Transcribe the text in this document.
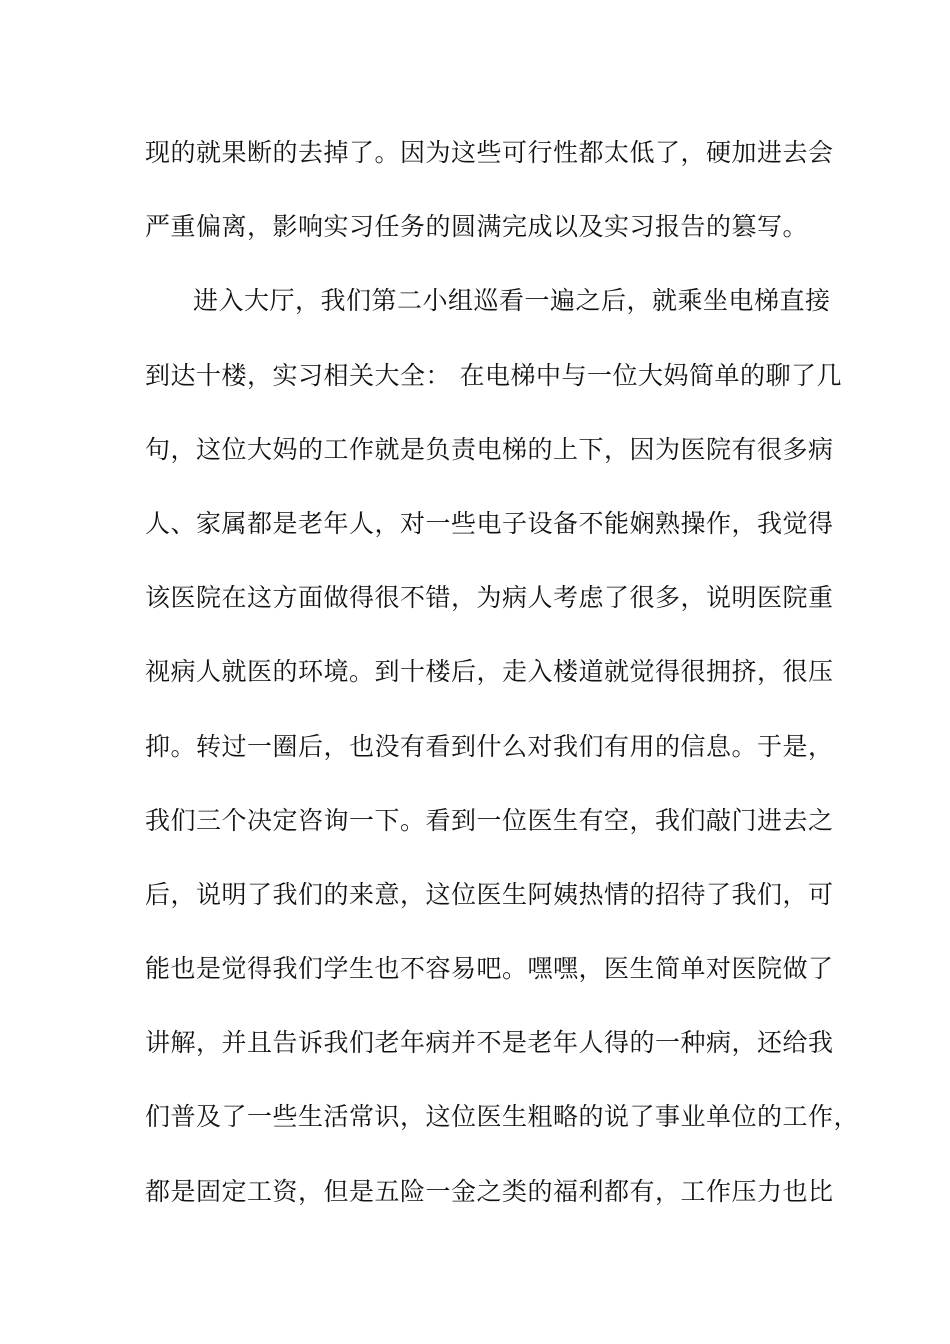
现的就果断的去掉了。因为这些可行性都太低了，硬加进去会
严重偏离，影响实习任务的圆满完成以及实习报告的篡写。
进入大厅，我们第二小组巡看一遍之后，就乘坐电梯直接
到达十楼，实习相关大全： 在电梯中与一位大妈简单的聊了几
句，这位大妈的工作就是负责电梯的上下，因为医院有很多病
人、家属都是老年人，对一些电子设备不能娴熟操作，我觉得
该医院在这方面做得很不错，为病人考虑了很多，说明医院重
视病人就医的环境。到十楼后，走入楼道就觉得很拥挤，很压
抑。转过一圈后，也没有看到什么对我们有用的信息。于是，
我们三个决定咨询一下。看到一位医生有空，我们敲门进去之
后，说明了我们的来意，这位医生阿姨热情的招待了我们，可
能也是觉得我们学生也不容易吧。嘿嘿，医生简单对医院做了
讲解，并且告诉我们老年病并不是老年人得的一种病，还给我
们普及了一些生活常识，这位医生粗略的说了事业单位的工作，
都是固定工资，但是五险一金之类的福利都有，工作压力也比
